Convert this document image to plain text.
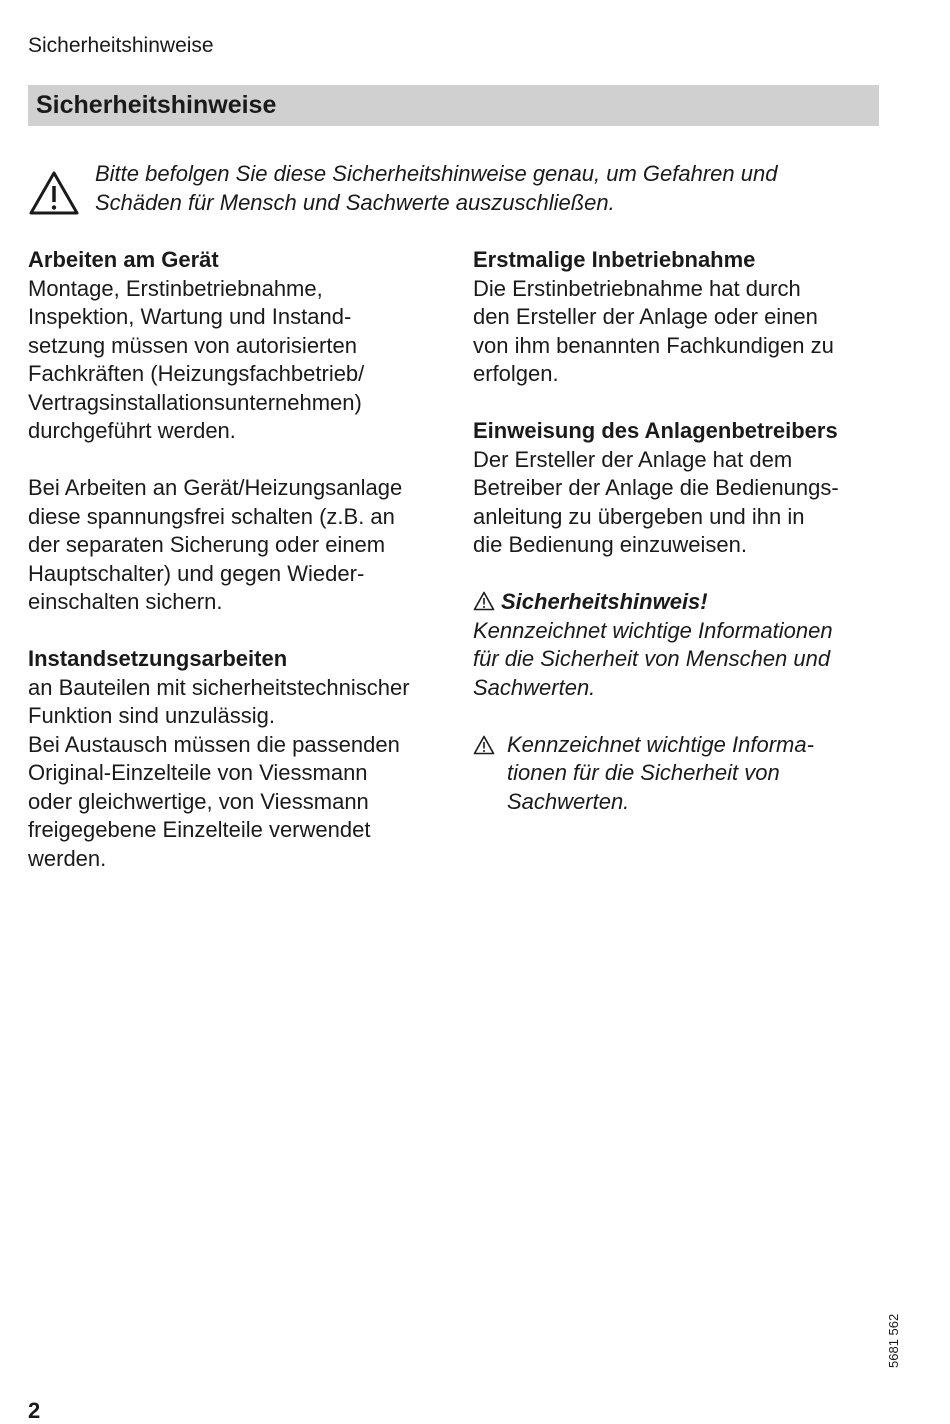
Sicherheitshinweise
Sicherheitshinweise
Bitte befolgen Sie diese Sicherheitshinweise genau, um Gefahren und
Schäden für Mensch und Sachwerte auszuschließen.

Arbeiten am Gerät
Montage, Erstinbetriebnahme,
Inspektion, Wartung und Instand-
setzung müssen von autorisierten
Fachkräften (Heizungsfachbetrieb/
Vertragsinstallationsunternehmen)
durchgeführt werden.

Bei Arbeiten an Gerät/Heizungsanlage
diese spannungsfrei schalten (z.B. an
der separaten Sicherung oder einem
Hauptschalter) und gegen Wieder-
einschalten sichern.

Instandsetzungsarbeiten
an Bauteilen mit sicherheitstechnischer
Funktion sind unzulässig.
Bei Austausch müssen die passenden
Original-Einzelteile von Viessmann
oder gleichwertige, von Viessmann
freigegebene Einzelteile verwendet
werden.

Erstmalige Inbetriebnahme
Die Erstinbetriebnahme hat durch
den Ersteller der Anlage oder einen
von ihm benannten Fachkundigen zu
erfolgen.

Einweisung des Anlagenbetreibers
Der Ersteller der Anlage hat dem
Betreiber der Anlage die Bedienungs-
anleitung zu übergeben und ihn in
die Bedienung einzuweisen.

Sicherheitshinweis!
Kennzeichnet wichtige Informationen
für die Sicherheit von Menschen und
Sachwerten.
Kennzeichnet wichtige Informa-
tionen für die Sicherheit von
Sachwerten.
5681 562
2
